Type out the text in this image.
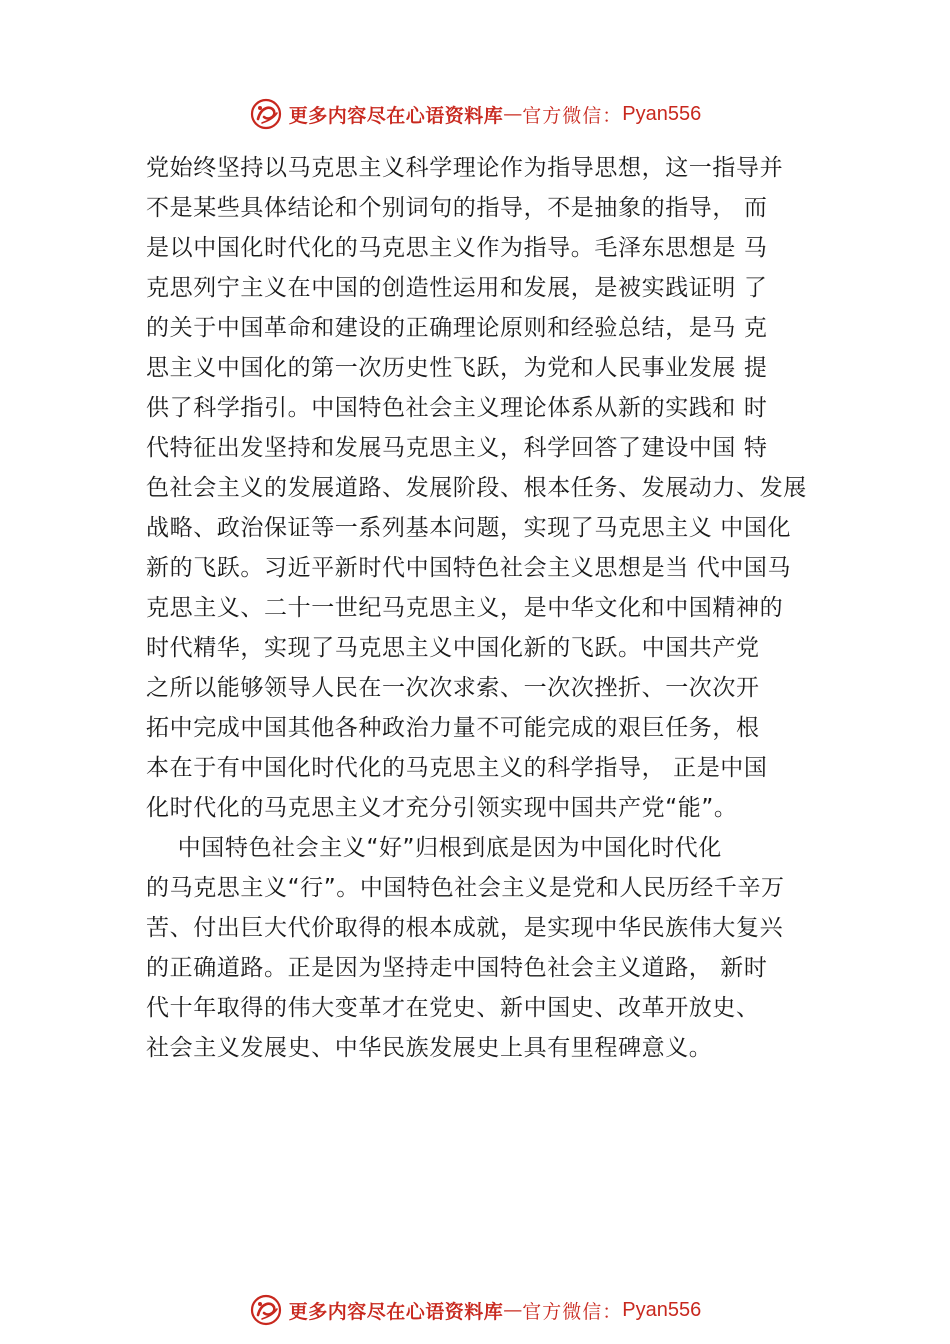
更多内容尽在心语资料库 — 官方微信： Pyan556
党始终坚持以马克思主义科学理论作为指导思想，这一指导并
不是某些具体结论和个别词句的指导，不是抽象的指导， 而
是以中国化时代化的马克思主义作为指导。毛泽东思想是 马
克思列宁主义在中国的创造性运用和发展，是被实践证明 了
的关于中国革命和建设的正确理论原则和经验总结，是马 克
思主义中国化的第一次历史性飞跃，为党和人民事业发展 提
供了科学指引。中国特色社会主义理论体系从新的实践和 时
代特征出发坚持和发展马克思主义，科学回答了建设中国 特
色社会主义的发展道路、发展阶段、根本任务、发展动力、发展
战略、政治保证等一系列基本问题，实现了马克思主义 中国化
新的飞跃。习近平新时代中国特色社会主义思想是当 代中国马
克思主义、二十一世纪马克思主义，是中华文化和中国精神的
时代精华，实现了马克思主义中国化新的飞跃。中国共产党
之所以能够领导人民在一次次求索、一次次挫折、一次次开
拓中完成中国其他各种政治力量不可能完成的艰巨任务，根
本在于有中国化时代化的马克思主义的科学指导， 正是中国
化时代化的马克思主义才充分引领实现中国共产党“能”。
中国特色社会主义“好”归根到底是因为中国化时代化
的马克思主义“行”。中国特色社会主义是党和人民历经千辛万
苦、付出巨大代价取得的根本成就，是实现中华民族伟大复兴
的正确道路。正是因为坚持走中国特色社会主义道路， 新时
代十年取得的伟大变革才在党史、新中国史、改革开放史、
社会主义发展史、中华民族发展史上具有里程碑意义。
更多内容尽在心语资料库 — 官方微信： Pyan556
